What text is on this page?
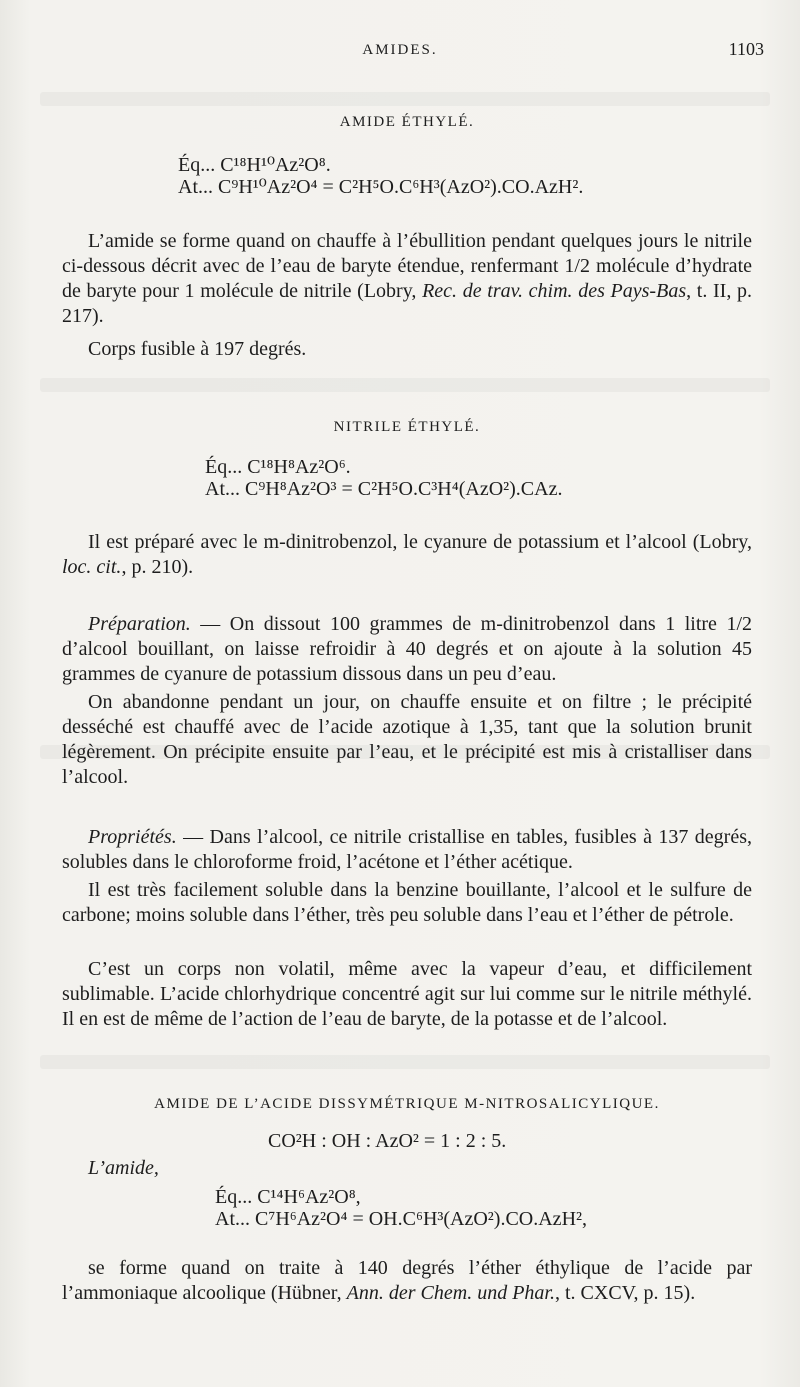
AMIDES.	1103
AMIDE ÉTHYLÉ.
Éq... C¹⁸H¹⁰Az²O⁸.
At... C⁹H¹⁰Az²O⁴ = C²H⁵O.C⁶H³(AzO²).CO.AzH².
L’amide se forme quand on chauffe à l’ébullition pendant quelques jours le nitrile ci-dessous décrit avec de l’eau de baryte étendue, renfermant 1/2 molécule d’hydrate de baryte pour 1 molécule de nitrile (Lobry, Rec. de trav. chim. des Pays-Bas, t. II, p. 217).
Corps fusible à 197 degrés.
NITRILE ÉTHYLÉ.
Éq... C¹⁸H⁸Az²O⁶.
At... C⁹H⁸Az²O³ = C²H⁵O.C³H⁴(AzO²).CAz.
Il est préparé avec le m-dinitrobenzol, le cyanure de potassium et l’alcool (Lobry, loc. cit., p. 210).
Préparation. — On dissout 100 grammes de m-dinitrobenzol dans 1 litre 1/2 d’alcool bouillant, on laisse refroidir à 40 degrés et on ajoute à la solution 45 grammes de cyanure de potassium dissous dans un peu d’eau.
On abandonne pendant un jour, on chauffe ensuite et on filtre ; le précipité desséché est chauffé avec de l’acide azotique à 1,35, tant que la solution brunit légèrement. On précipite ensuite par l’eau, et le précipité est mis à cristalliser dans l’alcool.
Propriétés. — Dans l’alcool, ce nitrile cristallise en tables, fusibles à 137 degrés, solubles dans le chloroforme froid, l’acétone et l’éther acétique.
Il est très facilement soluble dans la benzine bouillante, l’alcool et le sulfure de carbone; moins soluble dans l’éther, très peu soluble dans l’eau et l’éther de pétrole.
C’est un corps non volatil, même avec la vapeur d’eau, et difficilement sublimable. L’acide chlorhydrique concentré agit sur lui comme sur le nitrile méthylé. Il en est de même de l’action de l’eau de baryte, de la potasse et de l’alcool.
AMIDE DE L’ACIDE DISSYMÉTRIQUE M-NITROSALICYLIQUE.
CO²H : OH : AzO² = 1 : 2 : 5.
L’amide,
Éq... C¹⁴H⁶Az²O⁸,
At... C⁷H⁶Az²O⁴ = OH.C⁶H³(AzO²).CO.AzH²,
se forme quand on traite à 140 degrés l’éther éthylique de l’acide par l’ammoniaque alcoolique (Hübner, Ann. der Chem. und Phar., t. CXCV, p. 15).
